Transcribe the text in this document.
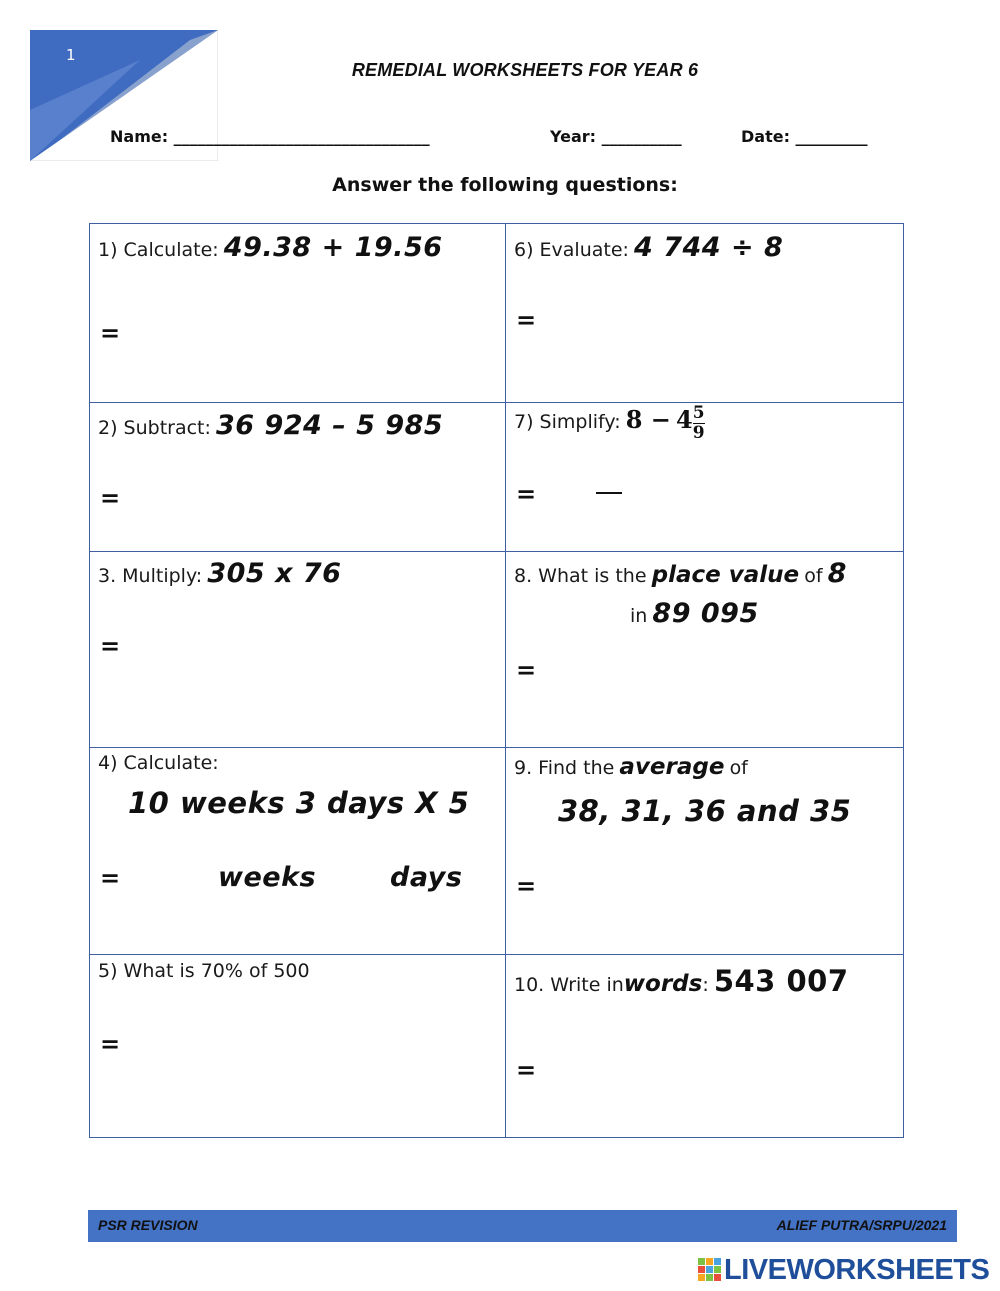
1
REMEDIAL WORKSHEETS FOR YEAR 6
Name: ________________________________	Year: __________	Date: _________
Answer the following questions:
1) Calculate: 49.38 + 19.56
=
6) Evaluate: 4 744 ÷ 8
=
2) Subtract: 36 924 – 5 985
=
7) Simplify: $8 - 4 \frac{5}{9}$
=
3. Multiply: 305 x 76
=
8. What is the place value of 8
in 89 095
=
4) Calculate:
10 weeks 3 days X 5
=	weeks	days
9. Find the average of
38, 31, 36 and 35
=
5) What is 70% of 500
=
10. Write inwords: 543 007
=
PSR REVISION	ALIEF PUTRA/SRPU/2021
LIVEWORKSHEETS
